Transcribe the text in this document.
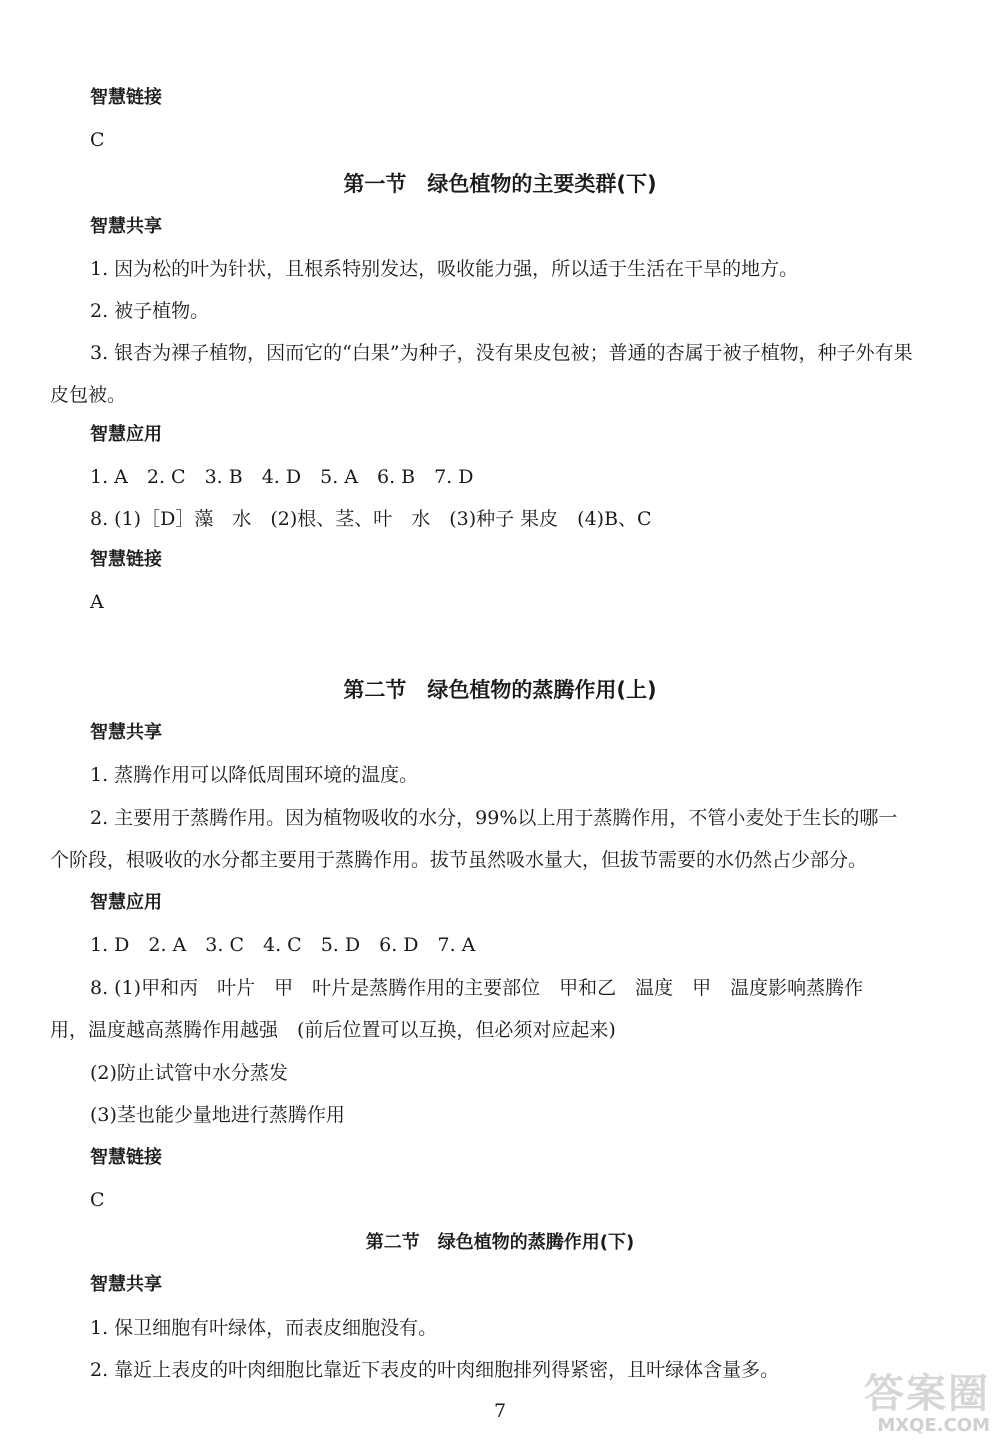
智慧链接
C
第一节　绿色植物的主要类群(下)
智慧共享
1. 因为松的叶为针状，且根系特别发达，吸收能力强，所以适于生活在干旱的地方。
2. 被子植物。
3. 银杏为裸子植物，因而它的“白果”为种子，没有果皮包被；普通的杏属于被子植物，种子外有果
皮包被。
智慧应用
1. A　2. C　3. B　4. D　5. A　6. B　7. D
8. (1)［D］藻　水　(2)根、茎、叶　水　(3)种子 果皮　(4)B、C
智慧链接
A
第二节　绿色植物的蒸腾作用(上)
智慧共享
1. 蒸腾作用可以降低周围环境的温度。
2. 主要用于蒸腾作用。因为植物吸收的水分，99%以上用于蒸腾作用，不管小麦处于生长的哪一
个阶段，根吸收的水分都主要用于蒸腾作用。拔节虽然吸水量大，但拔节需要的水仍然占少部分。
智慧应用
1. D　2. A　3. C　4. C　5. D　6. D　7. A
8. (1)甲和丙　叶片　甲　叶片是蒸腾作用的主要部位　甲和乙　温度　甲　温度影响蒸腾作
用，温度越高蒸腾作用越强　(前后位置可以互换，但必须对应起来)
(2)防止试管中水分蒸发
(3)茎也能少量地进行蒸腾作用
智慧链接
C
第二节　绿色植物的蒸腾作用(下)
智慧共享
1. 保卫细胞有叶绿体，而表皮细胞没有。
2. 靠近上表皮的叶肉细胞比靠近下表皮的叶肉细胞排列得紧密，且叶绿体含量多。
7	答案圈
MXQE.COM
